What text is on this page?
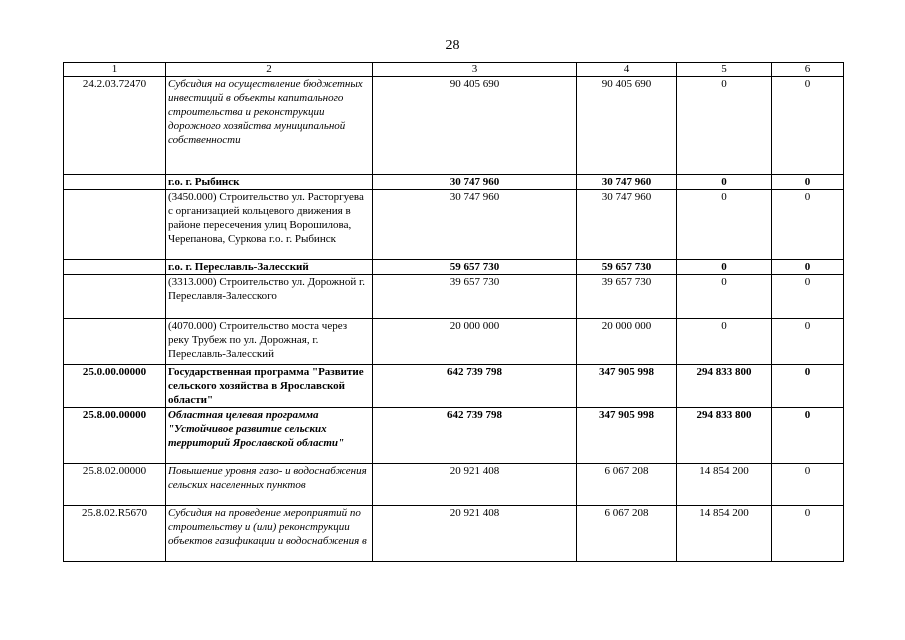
28
1	2	3	4	5	6
24.2.03.72470	Субсидия на осуществление бюджетных инвестиций в объекты капитального строительства и реконструкции дорожного хозяйства муниципальной собственности	90 405 690	90 405 690	0	0
	г.о. г. Рыбинск	30 747 960	30 747 960	0	0
	(3450.000) Строительство ул. Расторгуева с организацией кольцевого движения в районе пересечения улиц Ворошилова, Черепанова, Суркова г.о. г. Рыбинск	30 747 960	30 747 960	0	0
	г.о. г. Переславль-Залесский	59 657 730	59 657 730	0	0
	(3313.000) Строительство ул. Дорожной г. Переславля-Залесского	39 657 730	39 657 730	0	0
	(4070.000) Строительство моста через реку Трубеж по ул. Дорожная, г. Переславль-Залесский	20 000 000	20 000 000	0	0
25.0.00.00000	Государственная программа "Развитие сельского хозяйства в Ярославской области"	642 739 798	347 905 998	294 833 800	0
25.8.00.00000	Областная целевая программа "Устойчивое развитие сельских территорий Ярославской области"	642 739 798	347 905 998	294 833 800	0
25.8.02.00000	Повышение уровня газо- и водоснабжения сельских населенных пунктов	20 921 408	6 067 208	14 854 200	0
25.8.02.R5670	Субсидия на проведение мероприятий по строительству и (или) реконструкции объектов газификации и водоснабжения в	20 921 408	6 067 208	14 854 200	0
